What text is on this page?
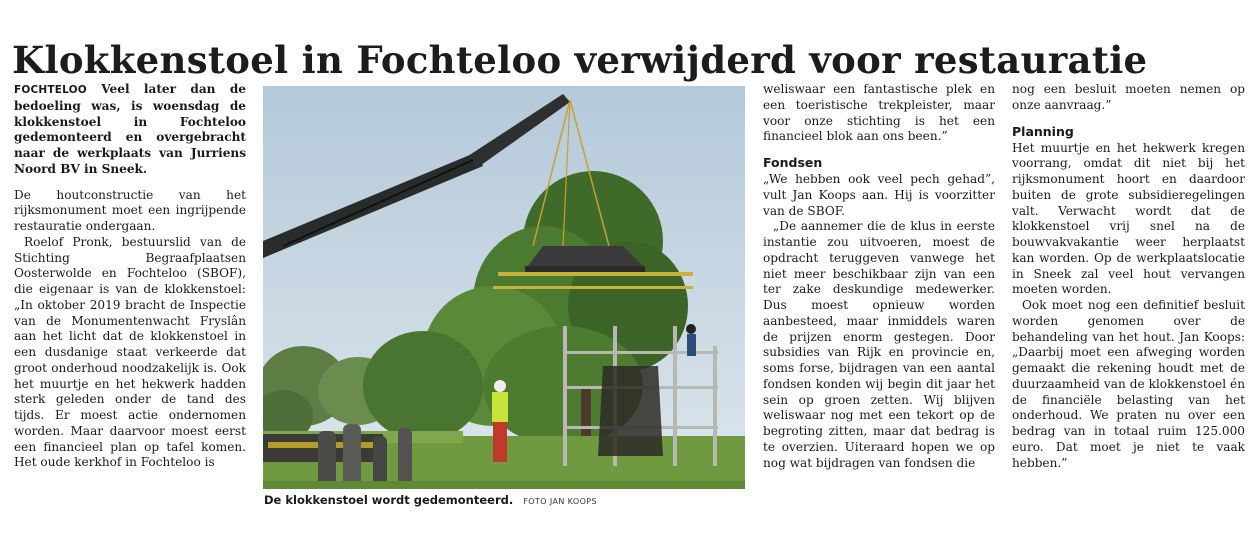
Klokkenstoel in Fochteloo verwijderd voor restauratie

FOCHTELOO Veel later dan de bedoeling was, is woensdag de klokkenstoel in Fochteloo gedemonteerd en overgebracht naar de werkplaats van Jurriens Noord BV in Sneek.

De houtconstructie van het rijksmonument moet een ingrijpende restauratie ondergaan.

Roelof Pronk, bestuurslid van de Stichting Begraafplaatsen Oosterwolde en Fochteloo (SBOF), die eigenaar is van de klokkenstoel: „In oktober 2019 bracht de Inspectie van de Monumentenwacht Fryslân aan het licht dat de klokkenstoel in een dusdanige staat verkeerde dat groot onderhoud noodzakelijk is. Ook het muurtje en het hekwerk hadden sterk geleden onder de tand des tijds. Er moest actie ondernomen worden. Maar daarvoor moest eerst een financieel plan op tafel komen. Het oude kerkhof in Fochteloo is

De klokkenstoel wordt gedemonteerd. FOTO JAN KOOPS

weliswaar een fantastische plek en een toeristische trekpleister, maar voor onze stichting is het een financieel blok aan ons been.”

Fondsen

„We hebben ook veel pech gehad”, vult Jan Koops aan. Hij is voorzitter van de SBOF.

„De aannemer die de klus in eerste instantie zou uitvoeren, moest de opdracht teruggeven vanwege het niet meer beschikbaar zijn van een ter zake deskundige medewerker. Dus moest opnieuw worden aanbesteed, maar inmiddels waren de prijzen enorm gestegen. Door subsidies van Rijk en provincie en, soms forse, bijdragen van een aantal fondsen konden wij begin dit jaar het sein op groen zetten. Wij blijven weliswaar nog met een tekort op de begroting zitten, maar dat bedrag is te overzien. Uiteraard hopen we op nog wat bijdragen van fondsen die

nog een besluit moeten nemen op onze aanvraag.”

Planning

Het muurtje en het hekwerk kregen voorrang, omdat dit niet bij het rijksmonument hoort en daardoor buiten de grote subsidieregelingen valt. Verwacht wordt dat de klokkenstoel vrij snel na de bouwvakvakantie weer herplaatst kan worden. Op de werkplaatslocatie in Sneek zal veel hout vervangen moeten worden.

Ook moet nog een definitief besluit worden genomen over de behandeling van het hout. Jan Koops: „Daarbij moet een afweging worden gemaakt die rekening houdt met de duurzaamheid van de klokkenstoel én de financiële belasting van het onderhoud. We praten nu over een bedrag van in totaal ruim 125.000 euro. Dat moet je niet te vaak hebben.”
